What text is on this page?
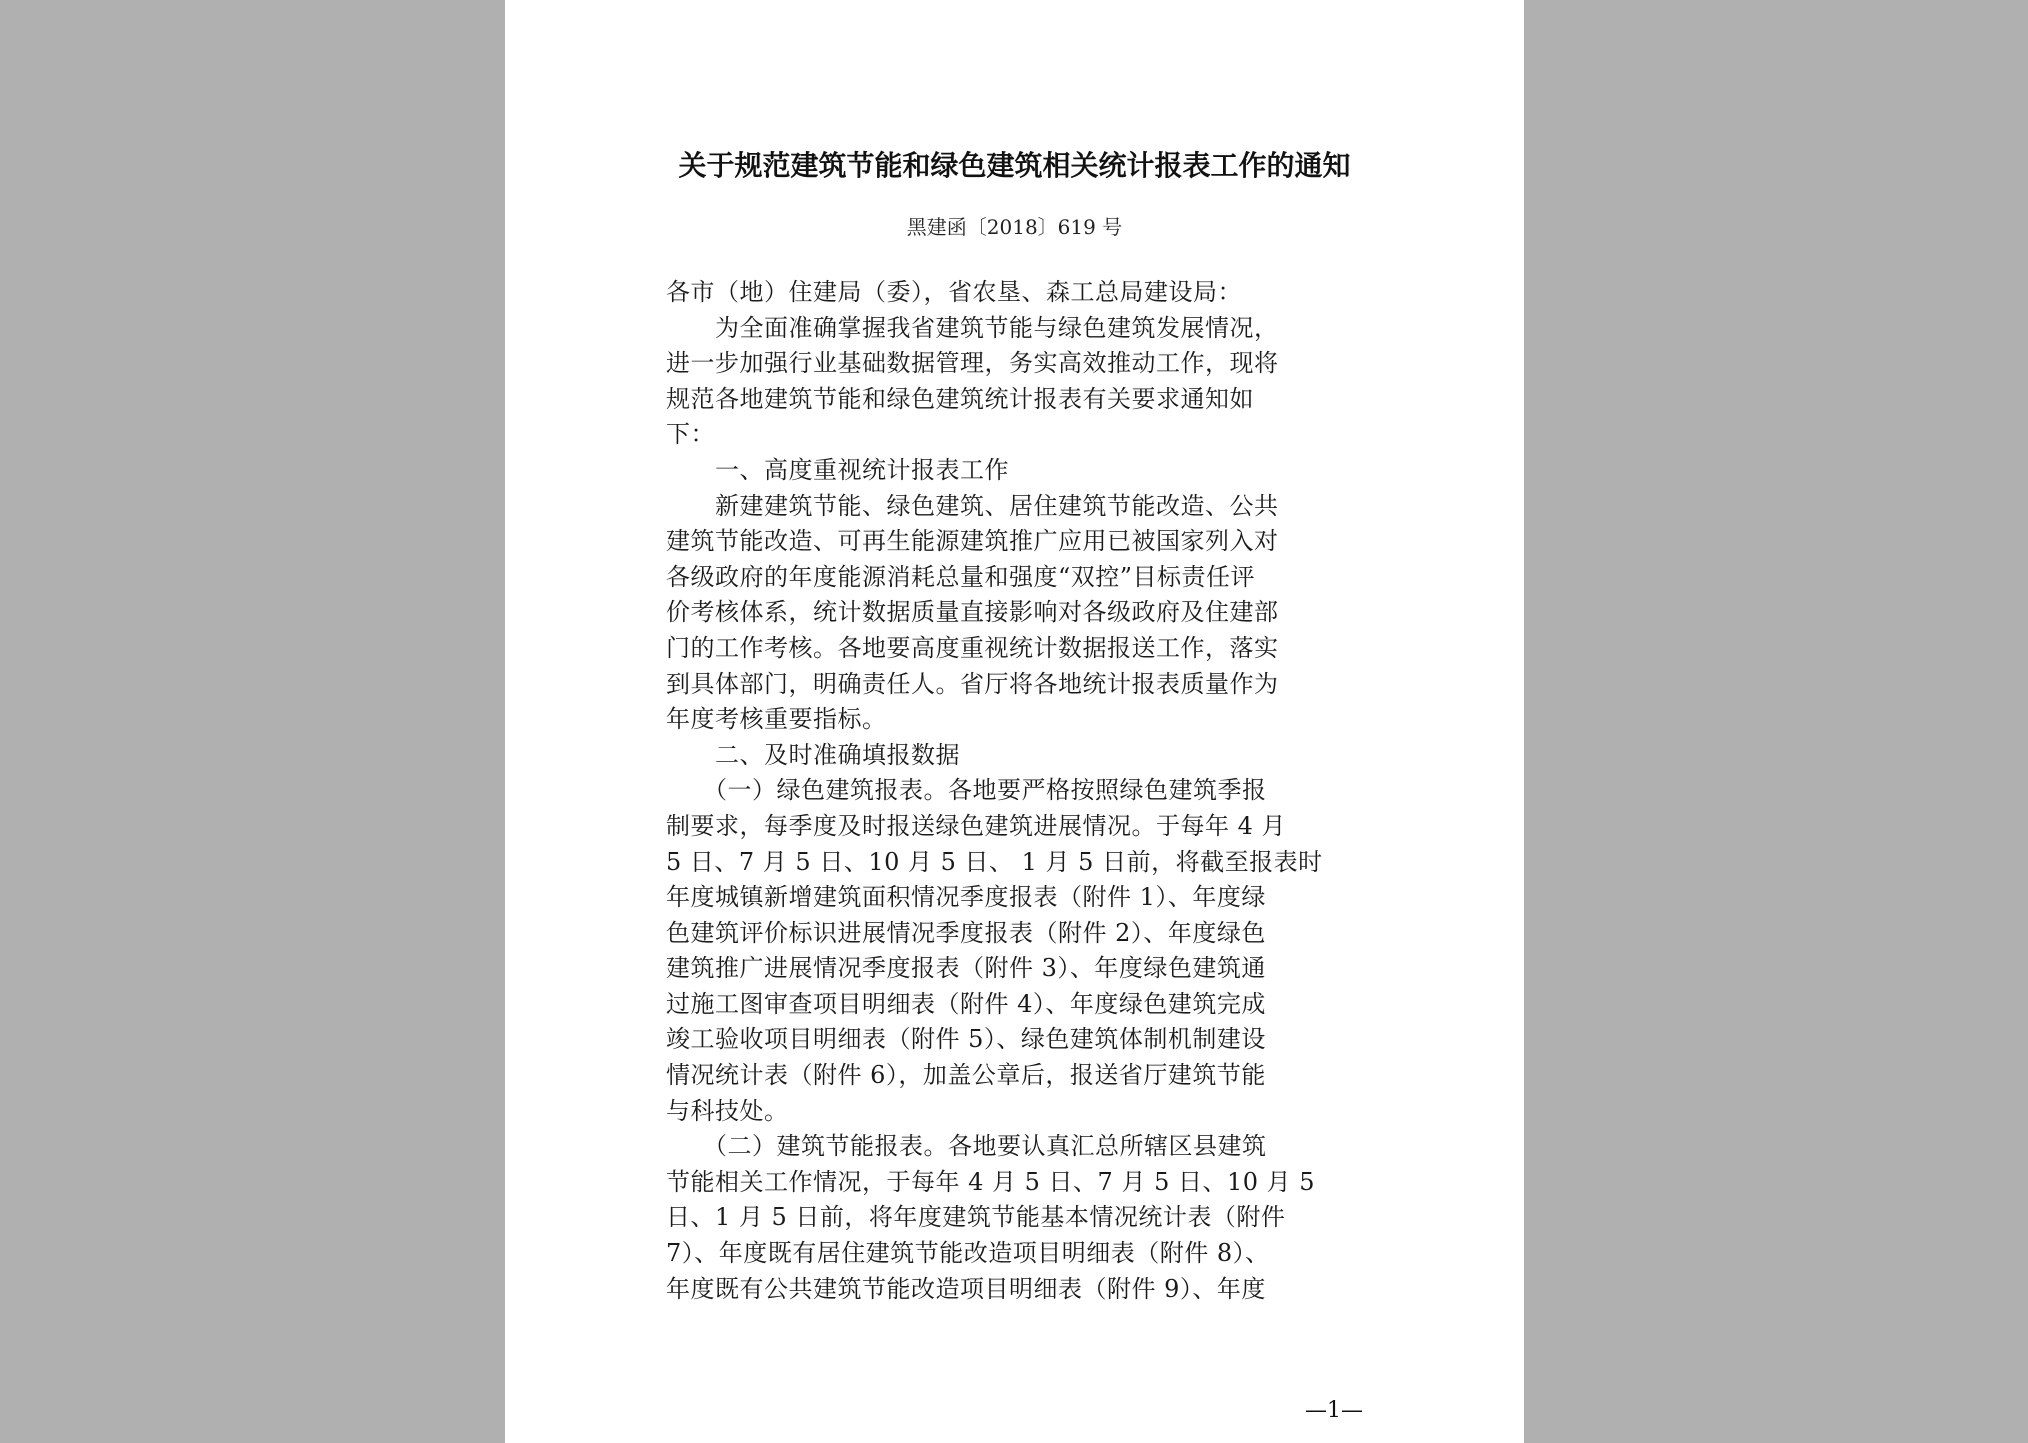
关于规范建筑节能和绿色建筑相关统计报表工作的通知
黑建函〔2018〕619 号
各市（地）住建局（委），省农垦、森工总局建设局：
　　为全面准确掌握我省建筑节能与绿色建筑发展情况，
进一步加强行业基础数据管理，务实高效推动工作，现将
规范各地建筑节能和绿色建筑统计报表有关要求通知如
下：
　　一、高度重视统计报表工作
　　新建建筑节能、绿色建筑、居住建筑节能改造、公共
建筑节能改造、可再生能源建筑推广应用已被国家列入对
各级政府的年度能源消耗总量和强度“双控”目标责任评
价考核体系，统计数据质量直接影响对各级政府及住建部
门的工作考核。各地要高度重视统计数据报送工作，落实
到具体部门，明确责任人。省厅将各地统计报表质量作为
年度考核重要指标。
　　二、及时准确填报数据
　　（一）绿色建筑报表。各地要严格按照绿色建筑季报
制要求，每季度及时报送绿色建筑进展情况。于每年 4 月
5 日、7 月 5 日、10 月 5 日、 1 月 5 日前，将截至报表时
年度城镇新增建筑面积情况季度报表（附件 1）、年度绿
色建筑评价标识进展情况季度报表（附件 2）、年度绿色
建筑推广进展情况季度报表（附件 3）、年度绿色建筑通
过施工图审查项目明细表（附件 4）、年度绿色建筑完成
竣工验收项目明细表（附件 5）、绿色建筑体制机制建设
情况统计表（附件 6），加盖公章后，报送省厅建筑节能
与科技处。
　　（二）建筑节能报表。各地要认真汇总所辖区县建筑
节能相关工作情况，于每年 4 月 5 日、7 月 5 日、10 月 5
日、1 月 5 日前，将年度建筑节能基本情况统计表（附件
7）、年度既有居住建筑节能改造项目明细表（附件 8）、
年度既有公共建筑节能改造项目明细表（附件 9）、年度
—1—
